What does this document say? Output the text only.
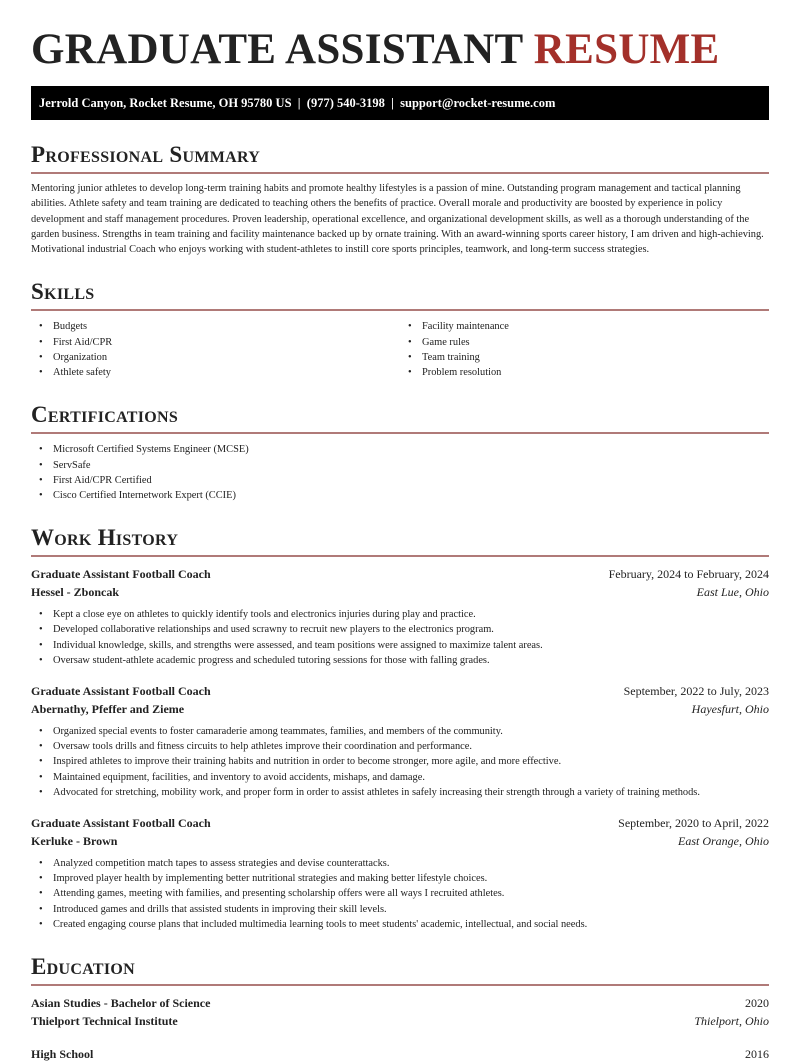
GRADUATE ASSISTANT RESUME
Jerrold Canyon, Rocket Resume, OH 95780 US  |  (977) 540-3198  |  support@rocket-resume.com
Professional Summary

Mentoring junior athletes to develop long-term training habits and promote healthy lifestyles is a passion of mine. Outstanding program management and tactical planning abilities. Athlete safety and team training are dedicated to teaching others the benefits of practice. Overall morale and productivity are boosted by experience in policy development and staff management procedures. Proven leadership, operational excellence, and organizational development skills, as well as a thorough understanding of the garden business. Strengths in team training and facility maintenance backed up by ornate training. With an award-winning sports career history, I am driven and high-achieving. Motivational industrial Coach who enjoys working with student-athletes to instill core sports principles, teamwork, and long-term success strategies.

Skills
• Budgets
• First Aid/CPR
• Organization
• Athlete safety
• Facility maintenance
• Game rules
• Team training
• Problem resolution
Certifications
• Microsoft Certified Systems Engineer (MCSE)
• ServSafe
• First Aid/CPR Certified
• Cisco Certified Internetwork Expert (CCIE)
Work History
Graduate Assistant Football Coach	February, 2024 to February, 2024
Hessel - Zboncak	East Lue, Ohio
• Kept a close eye on athletes to quickly identify tools and electronics injuries during play and practice.
• Developed collaborative relationships and used scrawny to recruit new players to the electronics program.
• Individual knowledge, skills, and strengths were assessed, and team positions were assigned to maximize talent areas.
• Oversaw student-athlete academic progress and scheduled tutoring sessions for those with falling grades.
Graduate Assistant Football Coach	September, 2022 to July, 2023
Abernathy, Pfeffer and Zieme	Hayesfurt, Ohio
• Organized special events to foster camaraderie among teammates, families, and members of the community.
• Oversaw tools drills and fitness circuits to help athletes improve their coordination and performance.
• Inspired athletes to improve their training habits and nutrition in order to become stronger, more agile, and more effective.
• Maintained equipment, facilities, and inventory to avoid accidents, mishaps, and damage.
• Advocated for stretching, mobility work, and proper form in order to assist athletes in safely increasing their strength through a variety of training methods.
Graduate Assistant Football Coach	September, 2020 to April, 2022
Kerluke - Brown	East Orange, Ohio
• Analyzed competition match tapes to assess strategies and devise counterattacks.
• Improved player health by implementing better nutritional strategies and making better lifestyle choices.
• Attending games, meeting with families, and presenting scholarship offers were all ways I recruited athletes.
• Introduced games and drills that assisted students in improving their skill levels.
• Created engaging course plans that included multimedia learning tools to meet students' academic, intellectual, and social needs.
Education
Asian Studies - Bachelor of Science	2020
Thielport Technical Institute	Thielport, Ohio
High School	2016
